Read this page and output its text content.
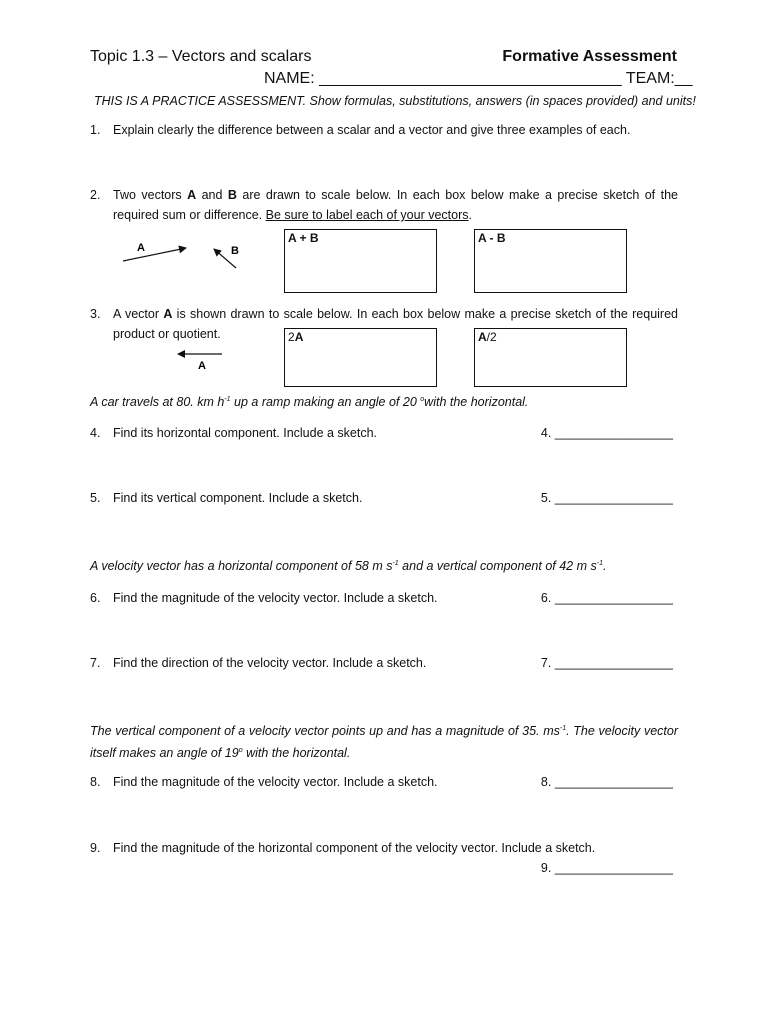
Topic 1.3 – Vectors and scalars	Formative Assessment
NAME: __________________________________ TEAM:__
THIS IS A PRACTICE ASSESSMENT. Show formulas, substitutions, answers (in spaces provided) and units!
1.	Explain clearly the difference between a scalar and a vector and give three examples of each.
2.	Two vectors A and B are drawn to scale below. In each box below make a precise sketch of the required sum or difference. Be sure to label each of your vectors.
A	B
A + B	A - B
3.	A vector A is shown drawn to scale below. In each box below make a precise sketch of the required product or quotient.
A
2A	A/2
A car travels at 80. km $h^{-1}$ up a ramp making an angle of 20 $^o$with the horizontal.
4.	Find its horizontal component. Include a sketch.	4. _________________
5.	Find its vertical component. Include a sketch.	5. _________________
A velocity vector has a horizontal component of 58 m $s^{-1}$ and a vertical component of 42 m $s^{-1}$.
6.	Find the magnitude of the velocity vector. Include a sketch.	6. _________________
7.	Find the direction of the velocity vector. Include a sketch.	7. _________________
The vertical component of a velocity vector points up and has a magnitude of 35. $ms^{-1}$. The velocity vector itself makes an angle of 19$^o$ with the horizontal.
8.	Find the magnitude of the velocity vector. Include a sketch.	8. _________________
9.	Find the magnitude of the horizontal component of the velocity vector. Include a sketch.
9. _________________
